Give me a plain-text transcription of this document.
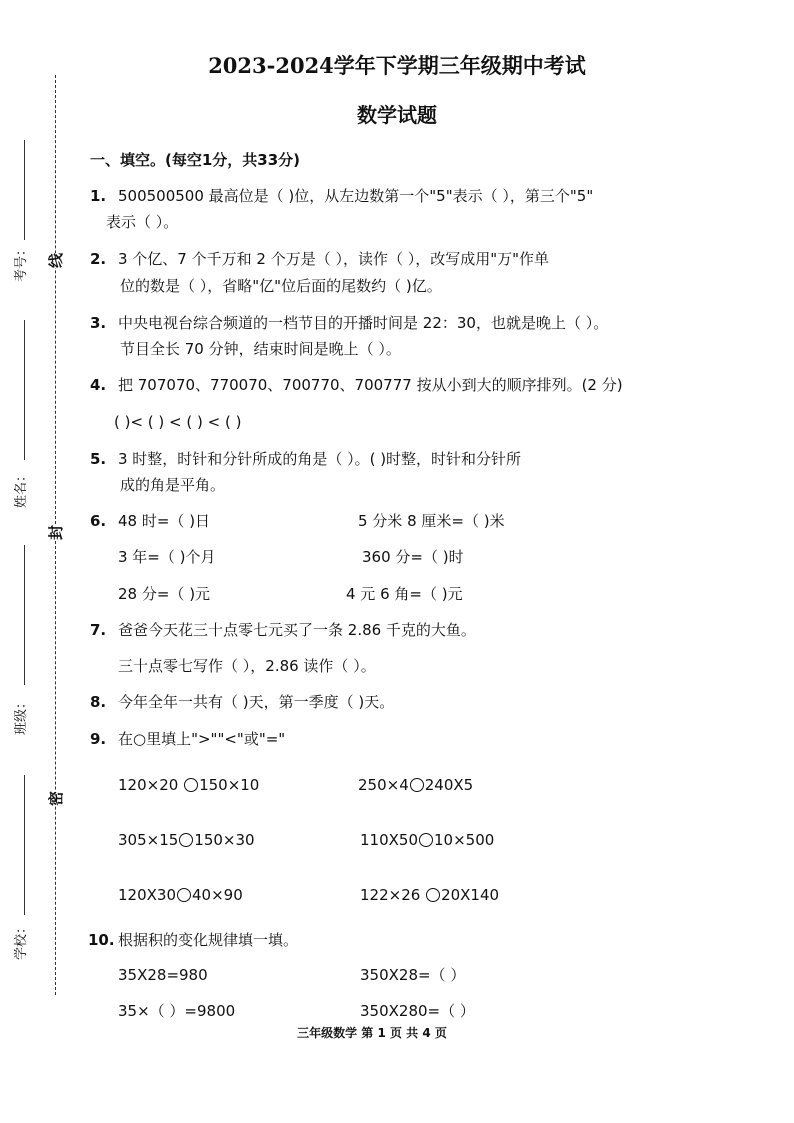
考号：
姓名：
班级：
学校：
线
封
密
2023-2024学年下学期三年级期中考试
数学试题
一、填空。(每空1分，共33分)
1. 500500500 最高位是（ )位，从左边数第一个"5"表示（ ），第三个"5"
表示（ ）。
2. 3 个亿、7 个千万和 2 个万是（ ），读作（ ），改写成用"万"作单
位的数是（ ），省略"亿"位后面的尾数约（ )亿。
3. 中央电视台综合频道的一档节目的开播时间是 22：30，也就是晚上（ ）。
节目全长 70 分钟，结束时间是晚上（ ）。
4. 把 707070、770070、700770、700777 按从小到大的顺序排列。(2 分)
( )< ( ) < ( ) < ( )
5. 3 时整，时针和分针所成的角是（ ）。( )时整，时针和分针所
成的角是平角。
6. 48 时=（ )日	5 分米 8 厘米=（ )米
3 年=（ )个月	360 分=（ )时
28 分=（ )元	4 元 6 角=（ )元
7. 爸爸今天花三十点零七元买了一条 2.86 千克的大鱼。
三十点零七写作（ ），2.86 读作（ ）。
8. 今年全年一共有（ )天，第一季度（ )天。
9. 在○里填上">""<"或"="
120×20 150×10	250×4 240X5
305×15 150×30	110X50 10×500
120X30 40×90	122×26 20X140
10. 根据积的变化规律填一填。
35X28=980	350X28=（ ）
35×（ ）=9800	350X280=（ ）
三年级数学 第 1 页 共 4 页
